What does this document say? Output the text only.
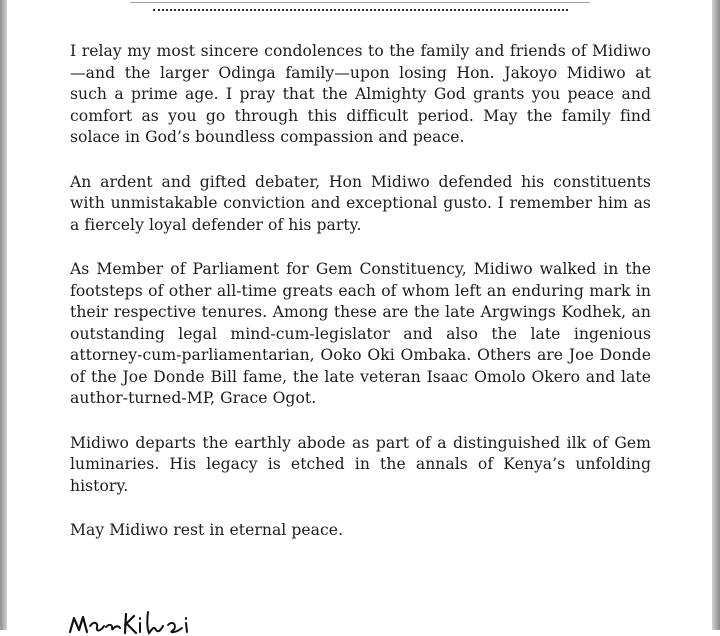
I relay my most sincere condolences to the family and friends of Midiwo—and the larger Odinga family—upon losing Hon. Jakoyo Midiwo at such a prime age. I pray that the Almighty God grants you peace and comfort as you go through this difficult period. May the family find solace in God’s boundless compassion and peace.

An ardent and gifted debater, Hon Midiwo defended his constituents with unmistakable conviction and exceptional gusto. I remember him as a fiercely loyal defender of his party.

As Member of Parliament for Gem Constituency, Midiwo walked in the footsteps of other all-time greats each of whom left an enduring mark in their respective tenures. Among these are the late Argwings Kodhek, an outstanding legal mind-cum-legislator and also the late ingenious attorney-cum-parliamentarian, Ooko Oki Ombaka. Others are Joe Donde of the Joe Donde Bill fame, the late veteran Isaac Omolo Okero and late author-turned-MP, Grace Ogot.

Midiwo departs the earthly abode as part of a distinguished ilk of Gem luminaries. His legacy is etched in the annals of Kenya’s unfolding history.

May Midiwo rest in eternal peace.
